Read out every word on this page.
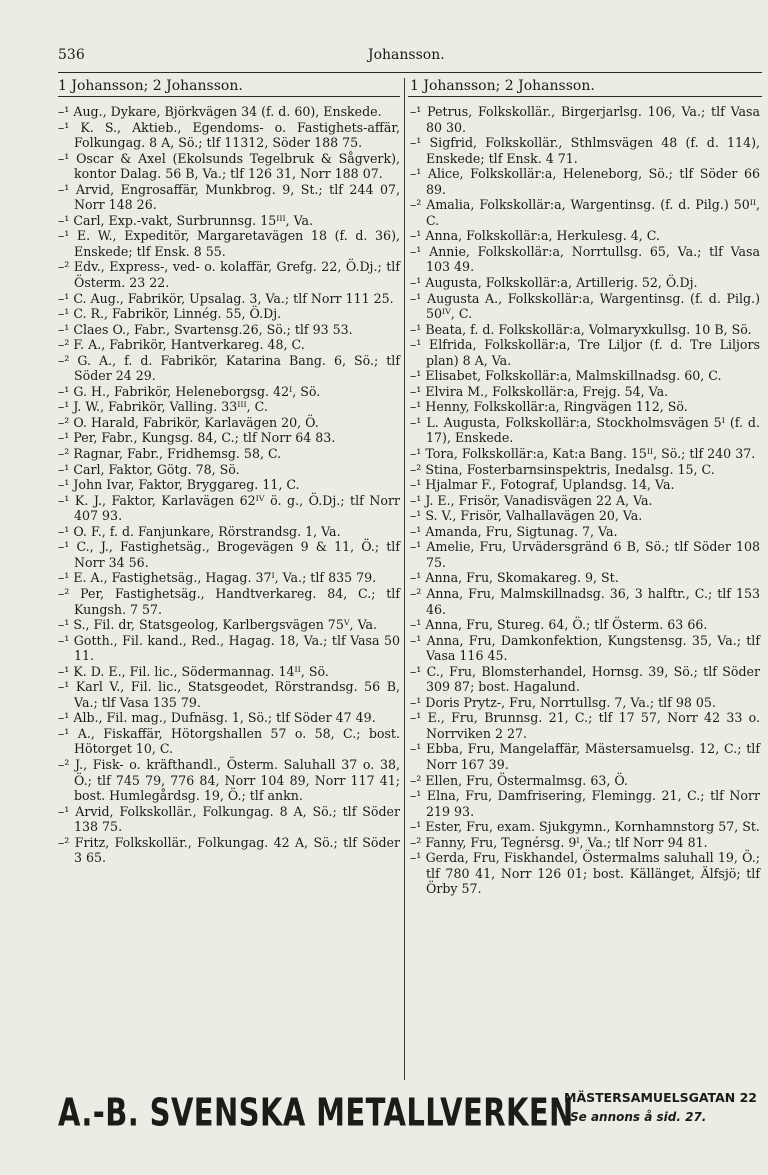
536	Johansson.
1 Johansson; 2 Johansson.	1 Johansson; 2 Johansson.
–¹ Aug., Dykare, Björkvägen 34 (f. d. 60), Enskede.
–¹ K. S., Aktieb., Egendoms- o. Fastighets-affär, Folkungag. 8 A, Sö.; tlf 11312, Söder 188 75.
–¹ Oscar & Axel (Ekolsunds Tegelbruk & Sågverk), kontor Dalag. 56 B, Va.; tlf 126 31, Norr 188 07.
–¹ Arvid, Engrosaffär, Munkbrog. 9, St.; tlf 244 07, Norr 148 26.
–¹ Carl, Exp.-vakt, Surbrunnsg. 15ᴵᴵᴵ, Va.
–¹ E. W., Expeditör, Margaretavägen 18 (f. d. 36), Enskede; tlf Ensk. 8 55.
–² Edv., Express-, ved- o. kolaffär, Grefg. 22, Ö.Dj.; tlf Österm. 23 22.
–¹ C. Aug., Fabrikör, Upsalag. 3, Va.; tlf Norr 111 25.
–¹ C. R., Fabrikör, Linnég. 55, Ö.Dj.
–¹ Claes O., Fabr., Svartensg.26, Sö.; tlf 93 53.
–² F. A., Fabrikör, Hantverkareg. 48, C.
–² G. A., f. d. Fabrikör, Katarina Bang. 6, Sö.; tlf Söder 24 29.
–¹ G. H., Fabrikör, Heleneborgsg. 42ᴵ, Sö.
–¹ J. W., Fabrikör, Valling. 33ᴵᴵᴵ, C.
–² O. Harald, Fabrikör, Karlavägen 20, Ö.
–¹ Per, Fabr., Kungsg. 84, C.; tlf Norr 64 83.
–² Ragnar, Fabr., Fridhemsg. 58, C.
–¹ Carl, Faktor, Götg. 78, Sö.
–¹ John Ivar, Faktor, Bryggareg. 11, C.
–¹ K. J., Faktor, Karlavägen 62ᴵⱽ ö. g., Ö.Dj.; tlf Norr 407 93.
–¹ O. F., f. d. Fanjunkare, Rörstrandsg. 1, Va.
–¹ C., J., Fastighetsäg., Brogevägen 9 & 11, Ö.; tlf Norr 34 56.
–¹ E. A., Fastighetsäg., Hagag. 37ᴵ, Va.; tlf 835 79.
–² Per, Fastighetsäg., Handtverkareg. 84, C.; tlf Kungsh. 7 57.
–¹ S., Fil. dr, Statsgeolog, Karlbergsvägen 75ⱽ, Va.
–¹ Gotth., Fil. kand., Red., Hagag. 18, Va.; tlf Vasa 50 11.
–¹ K. D. E., Fil. lic., Södermannag. 14ᴵᴵ, Sö.
–¹ Karl V., Fil. lic., Statsgeodet, Rörstrandsg. 56 B, Va.; tlf Vasa 135 79.
–¹ Alb., Fil. mag., Dufnäsg. 1, Sö.; tlf Söder 47 49.
–¹ A., Fiskaffär, Hötorgshallen 57 o. 58, C.; bost. Hötorget 10, C.
–² J., Fisk- o. kräfthandl., Österm. Saluhall 37 o. 38, Ö.; tlf 745 79, 776 84, Norr 104 89, Norr 117 41; bost. Humlegårdsg. 19, Ö.; tlf ankn.
–¹ Arvid, Folkskollär., Folkungag. 8 A, Sö.; tlf Söder 138 75.
–² Fritz, Folkskollär., Folkungag. 42 A, Sö.; tlf Söder 3 65.
–¹ Petrus, Folkskollär., Birgerjarlsg. 106, Va.; tlf Vasa 80 30.
–¹ Sigfrid, Folkskollär., Sthlmsvägen 48 (f. d. 114), Enskede; tlf Ensk. 4 71.
–¹ Alice, Folkskollär:a, Heleneborg, Sö.; tlf Söder 66 89.
–² Amalia, Folkskollär:a, Wargentinsg. (f. d. Pilg.) 50ᴵᴵ, C.
–¹ Anna, Folkskollär:a, Herkulesg. 4, C.
–¹ Annie, Folkskollär:a, Norrtullsg. 65, Va.; tlf Vasa 103 49.
–¹ Augusta, Folkskollär:a, Artillerig. 52, Ö.Dj.
–¹ Augusta A., Folkskollär:a, Wargentinsg. (f. d. Pilg.) 50ᴵⱽ, C.
–¹ Beata, f. d. Folkskollär:a, Volmaryxkullsg. 10 B, Sö.
–¹ Elfrida, Folkskollär:a, Tre Liljor (f. d. Tre Liljors plan) 8 A, Va.
–¹ Elisabet, Folkskollär:a, Malmskillnadsg. 60, C.
–¹ Elvira M., Folkskollär:a, Frejg. 54, Va.
–¹ Henny, Folkskollär:a, Ringvägen 112, Sö.
–¹ L. Augusta, Folkskollär:a, Stockholmsvägen 5ᴵ (f. d. 17), Enskede.
–¹ Tora, Folkskollär:a, Kat:a Bang. 15ᴵᴵ, Sö.; tlf 240 37.
–² Stina, Fosterbarnsinspektris, Inedalsg. 15, C.
–¹ Hjalmar F., Fotograf, Uplandsg. 14, Va.
–¹ J. E., Frisör, Vanadisvägen 22 A, Va.
–¹ S. V., Frisör, Valhallavägen 20, Va.
–¹ Amanda, Fru, Sigtunag. 7, Va.
–¹ Amelie, Fru, Urvädersgränd 6 B, Sö.; tlf Söder 108 75.
–¹ Anna, Fru, Skomakareg. 9, St.
–² Anna, Fru, Malmskillnadsg. 36, 3 halftr., C.; tlf 153 46.
–¹ Anna, Fru, Stureg. 64, Ö.; tlf Österm. 63 66.
–¹ Anna, Fru, Damkonfektion, Kungstensg. 35, Va.; tlf Vasa 116 45.
–¹ C., Fru, Blomsterhandel, Hornsg. 39, Sö.; tlf Söder 309 87; bost. Hagalund.
–¹ Doris Prytz-, Fru, Norrtullsg. 7, Va.; tlf 98 05.
–¹ E., Fru, Brunnsg. 21, C.; tlf 17 57, Norr 42 33 o. Norrviken 2 27.
–¹ Ebba, Fru, Mangelaffär, Mästersamuelsg. 12, C.; tlf Norr 167 39.
–² Ellen, Fru, Östermalmsg. 63, Ö.
–¹ Elna, Fru, Damfrisering, Flemingg. 21, C.; tlf Norr 219 93.
–¹ Ester, Fru, exam. Sjukgymn., Kornhamnstorg 57, St.
–² Fanny, Fru, Tegnérsg. 9ᴵ, Va.; tlf Norr 94 81.
–¹ Gerda, Fru, Fiskhandel, Östermalms saluhall 19, Ö.; tlf 780 41, Norr 126 01; bost. Källänget, Älfsjö; tlf Örby 57.
A.-B. SVENSKA METALLVERKEN
MÄSTERSAMUELSGATAN 22
Se annons å sid. 27.
